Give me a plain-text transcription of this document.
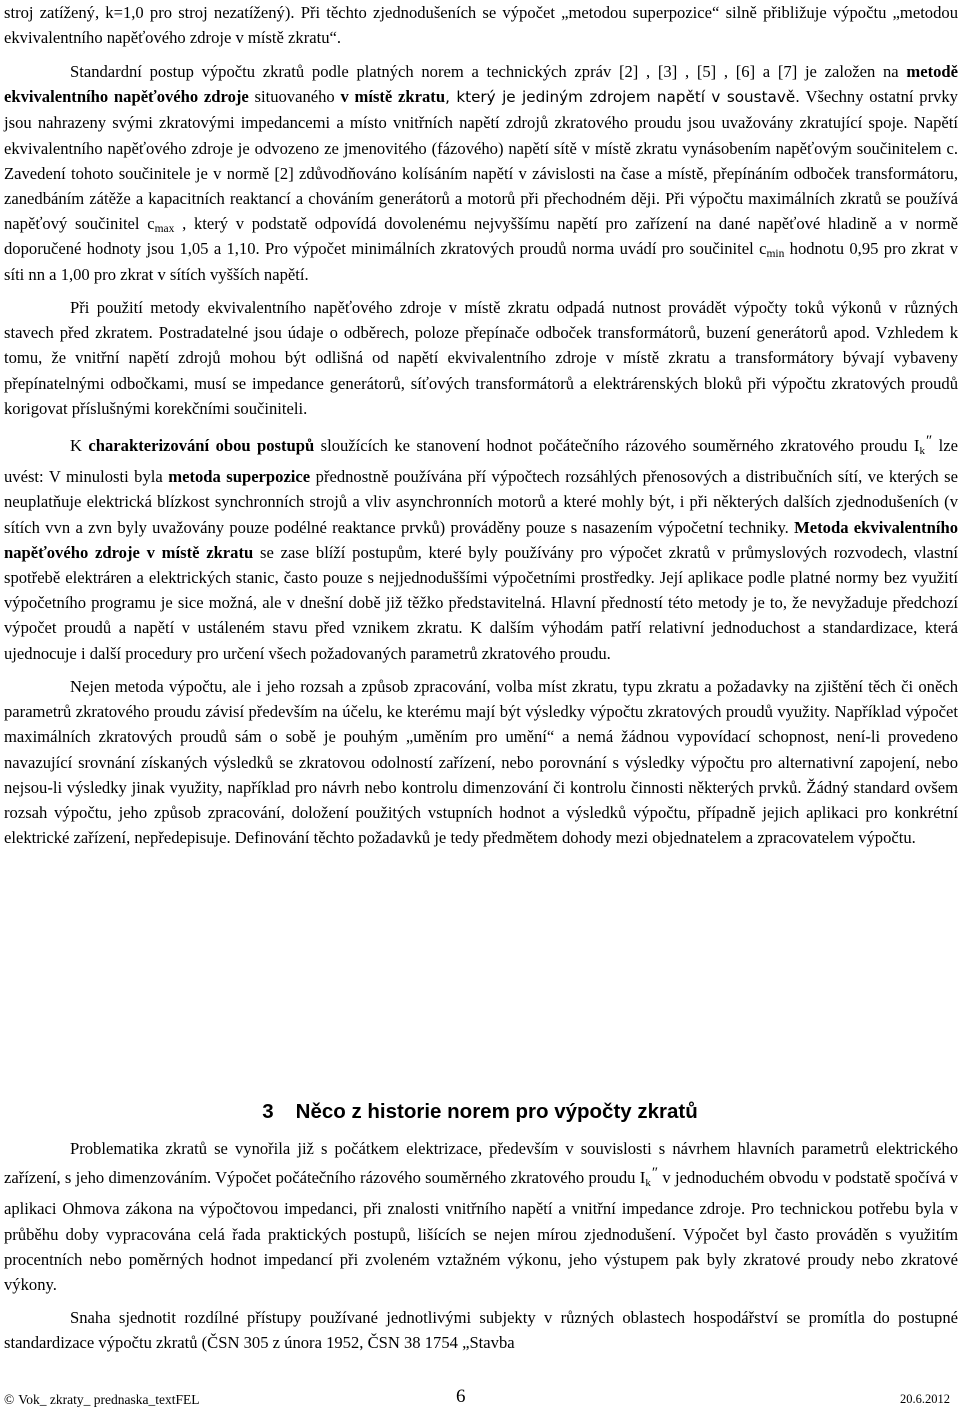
stroj zatížený, k=1,0 pro stroj nezatížený). Při těchto zjednodušeních se výpočet „metodou superpozice“ silně přibližuje výpočtu „metodou ekvivalentního napěťového zdroje v místě zkratu“.

Standardní postup výpočtu zkratů podle platných norem a technických zpráv [2] , [3] , [5] , [6] a [7] je založen na metodě ekvivalentního napěťového zdroje situovaného v místě zkratu, který je jediným zdrojem napětí v soustavě. Všechny ostatní prvky jsou nahrazeny svými zkratovými impedancemi a místo vnitřních napětí zdrojů zkratového proudu jsou uvažovány zkratující spoje. Napětí ekvivalentního napěťového zdroje je odvozeno ze jmenovitého (fázového) napětí sítě v místě zkratu vynásobením napěťovým součinitelem c. Zavedení tohoto součinitele je v normě [2] zdůvodňováno kolísáním napětí v závislosti na čase a místě, přepínáním odboček transformátoru, zanedbáním zátěže a kapacitních reaktancí a chováním generátorů a motorů při přechodném ději. Při výpočtu maximálních zkratů se používá napěťový součinitel $c_{max}$ , který v podstatě odpovídá dovolenému nejvyššímu napětí pro zařízení na dané napěťové hladině a v normě doporučené hodnoty jsou 1,05 a 1,10. Pro výpočet minimálních zkratových proudů norma uvádí pro součinitel $c_{min}$ hodnotu 0,95 pro zkrat v síti nn a 1,00 pro zkrat v sítích vyšších napětí.

Při použití metody ekvivalentního napěťového zdroje v místě zkratu odpadá nutnost provádět výpočty toků výkonů v různých stavech před zkratem. Postradatelné jsou údaje o odběrech, poloze přepínače odboček transformátorů, buzení generátorů apod. Vzhledem k tomu, že vnitřní napětí zdrojů mohou být odlišná od napětí ekvivalentního zdroje v místě zkratu a transformátory bývají vybaveny přepínatelnými odbočkami, musí se impedance generátorů, síťových transformátorů a elektrárenských bloků při výpočtu zkratových proudů korigovat příslušnými korekčními součiniteli.

K charakterizování obou postupů sloužících ke stanovení hodnot počátečního rázového souměrného zkratového proudu $I_k''$ lze uvést: V minulosti byla metoda superpozice přednostně používána pří výpočtech rozsáhlých přenosových a distribučních sítí, ve kterých se neuplatňuje elektrická blízkost synchronních strojů a vliv asynchronních motorů a které mohly být, i při některých dalších zjednodušeních (v sítích vvn a zvn byly uvažovány pouze podélné reaktance prvků) prováděny pouze s nasazením výpočetní techniky. Metoda ekvivalentního napěťového zdroje v místě zkratu se zase blíží postupům, které byly používány pro výpočet zkratů v průmyslových rozvodech, vlastní spotřebě elektráren a elektrických stanic, často pouze s nejjednoduššími výpočetními prostředky. Její aplikace podle platné normy bez využití výpočetního programu je sice možná, ale v dnešní době již těžko představitelná. Hlavní předností této metody je to, že nevyžaduje předchozí výpočet proudů a napětí v ustáleném stavu před vznikem zkratu. K dalším výhodám patří relativní jednoduchost a standardizace, která ujednocuje i další procedury pro určení všech požadovaných parametrů zkratového proudu.

Nejen metoda výpočtu, ale i jeho rozsah a způsob zpracování, volba míst zkratu, typu zkratu a požadavky na zjištění těch či oněch parametrů zkratového proudu závisí především na účelu, ke kterému mají být výsledky výpočtu zkratových proudů využity. Například výpočet maximálních zkratových proudů sám o sobě je pouhým „uměním pro umění“ a nemá žádnou vypovídací schopnost, není-li provedeno navazující srovnání získaných výsledků se zkratovou odolností zařízení, nebo porovnání s výsledky výpočtu pro alternativní zapojení, nebo nejsou-li výsledky jinak využity, například pro návrh nebo kontrolu dimenzování či kontrolu činnosti některých prvků. Žádný standard ovšem rozsah výpočtu, jeho způsob zpracování, doložení použitých vstupních hodnot a výsledků výpočtu, případně jejich aplikaci pro konkrétní elektrické zařízení, nepředepisuje. Definování těchto požadavků je tedy předmětem dohody mezi objednatelem a zpracovatelem výpočtu.

3 Něco z historie norem pro výpočty zkratů

Problematika zkratů se vynořila již s počátkem elektrizace, především v souvislosti s návrhem hlavních parametrů elektrického zařízení, s jeho dimenzováním. Výpočet počátečního rázového souměrného zkratového proudu $I_k''$ v jednoduchém obvodu v podstatě spočívá v aplikaci Ohmova zákona na výpočtovou impedanci, při znalosti vnitřního napětí a vnitřní impedance zdroje. Pro technickou potřebu byla v průběhu doby vypracována celá řada praktických postupů, lišících se nejen mírou zjednodušení. Výpočet byl často prováděn s využitím procentních nebo poměrných hodnot impedancí při zvoleném vztažném výkonu, jeho výstupem pak byly zkratové proudy nebo zkratové výkony.

Snaha sjednotit rozdílné přístupy používané jednotlivými subjekty v různých oblastech hospodářství se promítla do postupné standardizace výpočtu zkratů (ČSN 305 z února 1952, ČSN 38 1754 „Stavba

© Vok_ zkraty_ prednaska_textFEL	6	20.6.2012
